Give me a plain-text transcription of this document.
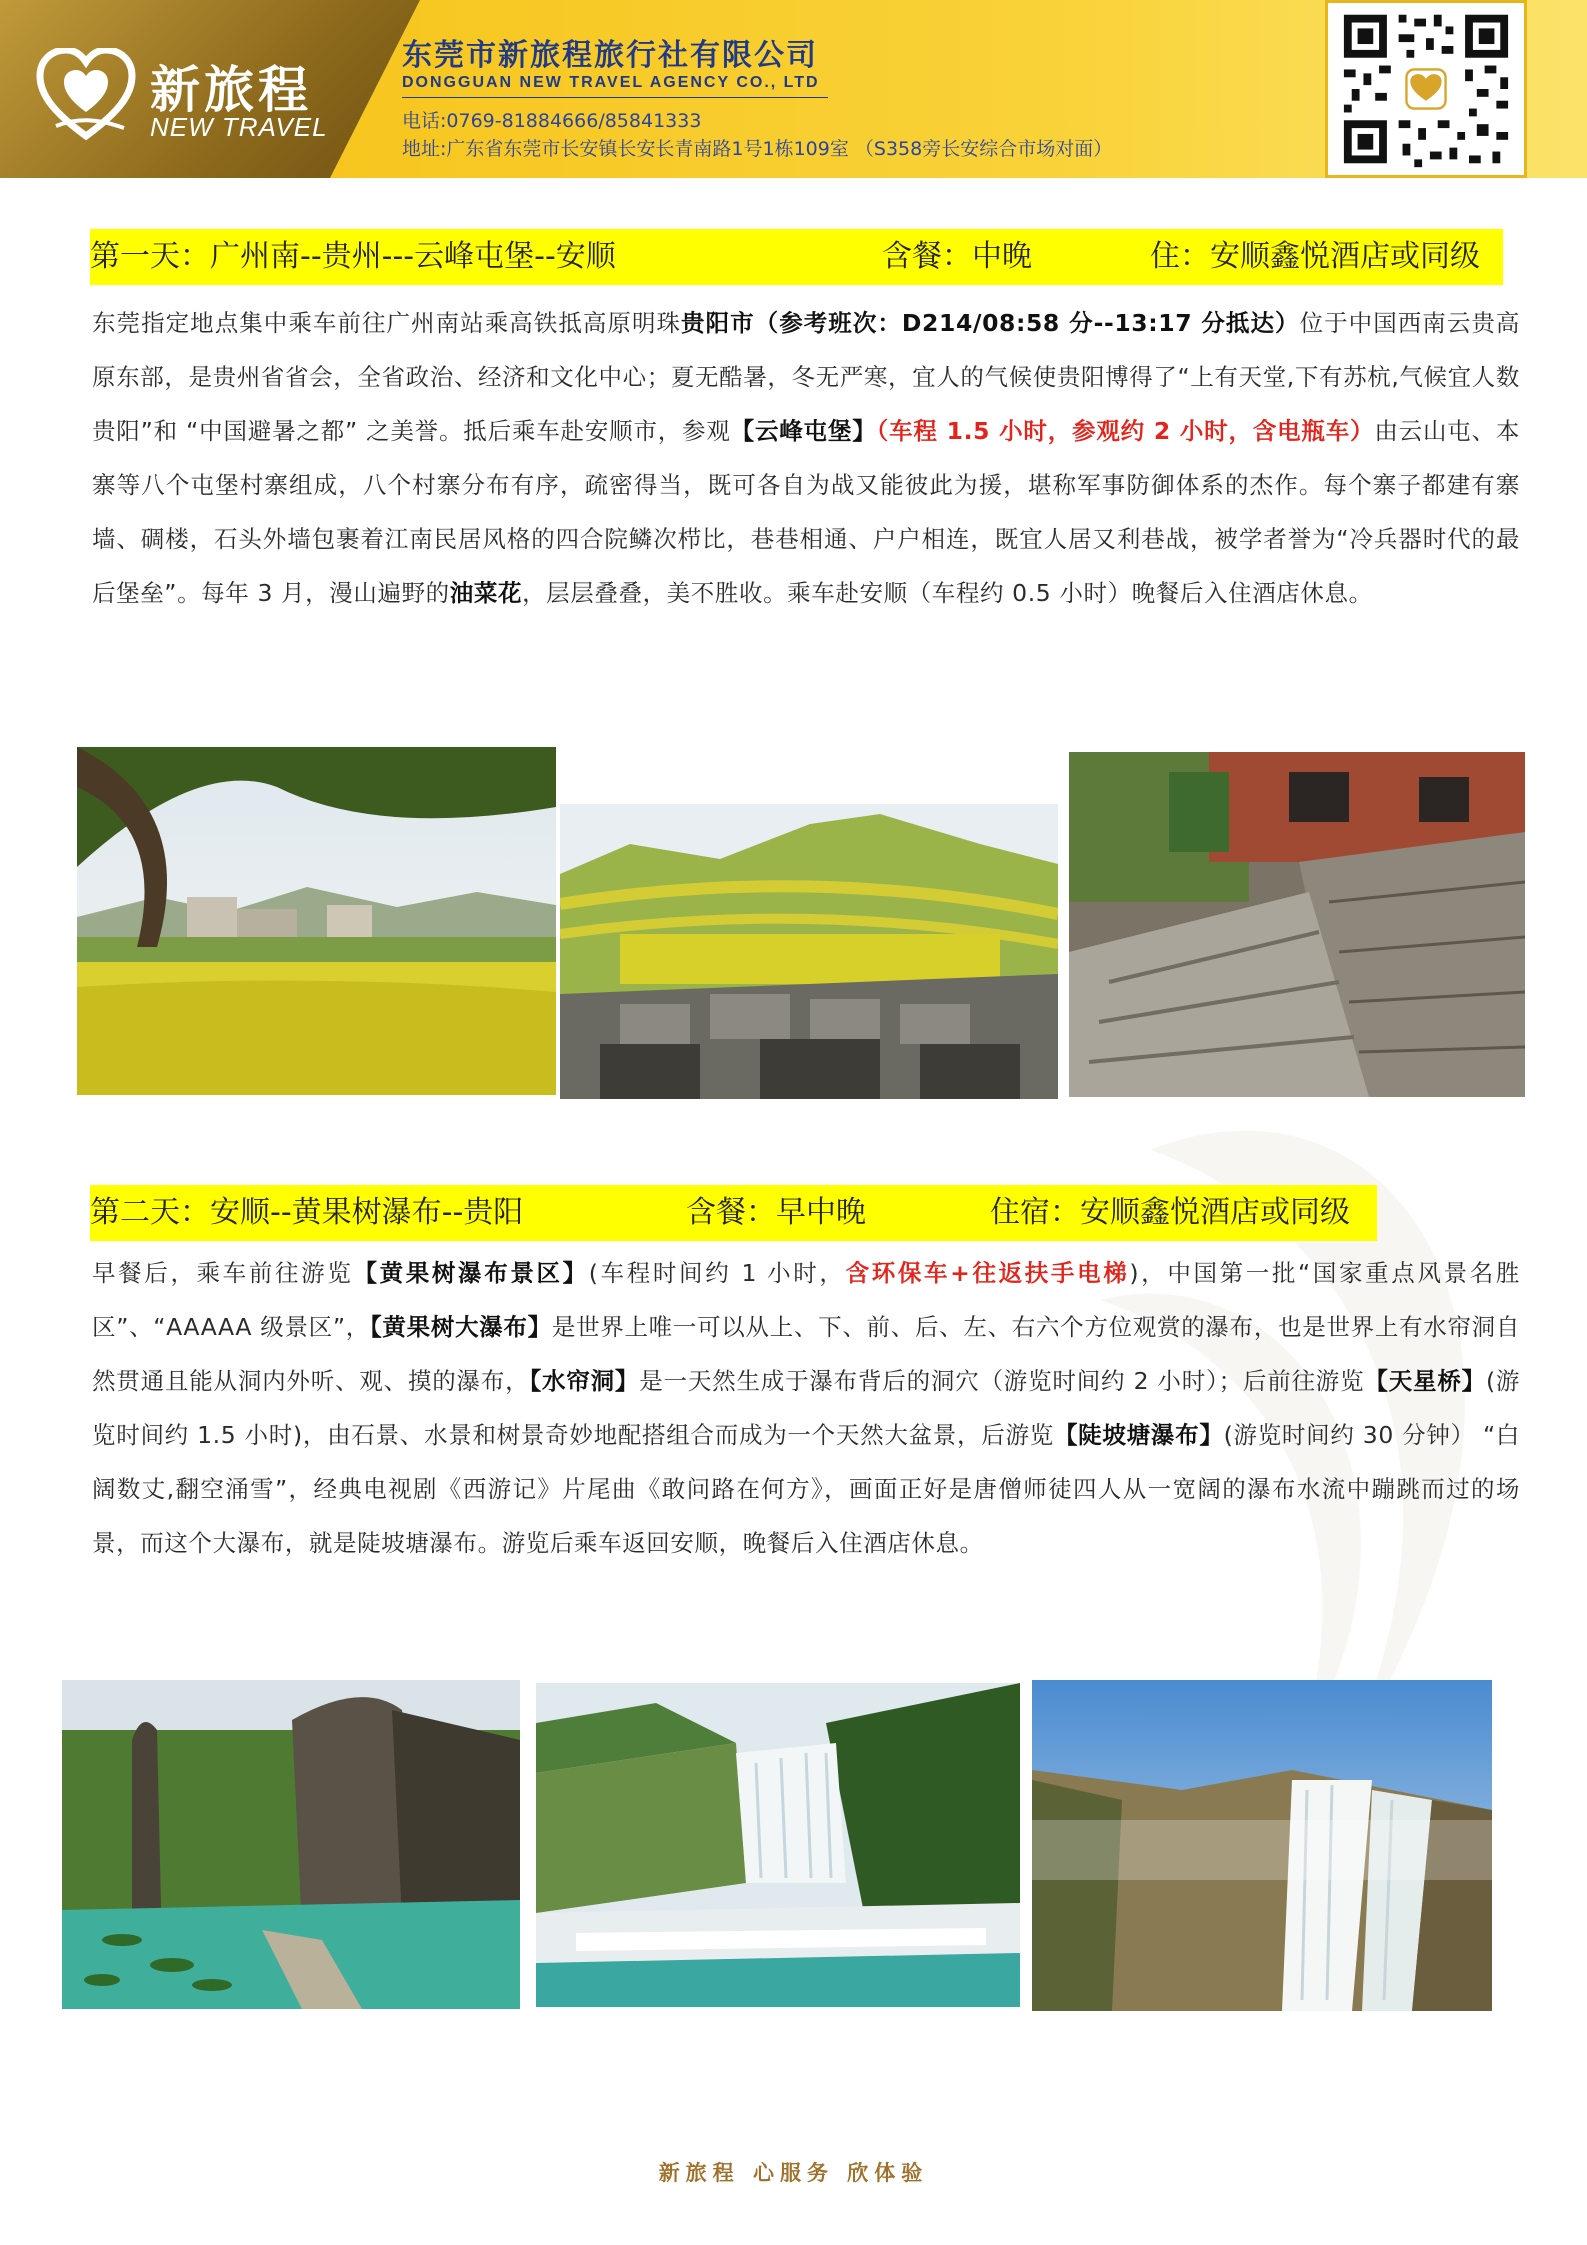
新旅程
NEW TRAVEL
东莞市新旅程旅行社有限公司
DONGGUAN NEW TRAVEL AGENCY CO., LTD
电话:0769-81884666/85841333
地址:广东省东莞市长安镇长安长青南路1号1栋109室 （S358旁长安综合市场对面）
第一天：广州南--贵州---云峰屯堡--安顺	含餐：中晚	住：安顺鑫悦酒店或同级
东莞指定地点集中乘车前往广州南站乘高铁抵高原明珠贵阳市（参考班次：D214/08:58 分--13:17 分抵达）位于中国西南云贵高原东部，是贵州省省会，全省政治、经济和文化中心；夏无酷暑，冬无严寒，宜人的气候使贵阳博得了“上有天堂,下有苏杭,气候宜人数贵阳”和 “中国避暑之都” 之美誉。抵后乘车赴安顺市，参观【云峰屯堡】（车程 1.5 小时，参观约 2 小时，含电瓶车）由云山屯、本寨等八个屯堡村寨组成，八个村寨分布有序，疏密得当，既可各自为战又能彼此为援，堪称军事防御体系的杰作。每个寨子都建有寨墙、碉楼，石头外墙包裹着江南民居风格的四合院鳞次栉比，巷巷相通、户户相连，既宜人居又利巷战，被学者誉为“冷兵器时代的最后堡垒”。每年 3 月，漫山遍野的油菜花，层层叠叠，美不胜收。乘车赴安顺（车程约 0.5 小时）晚餐后入住酒店休息。
第二天：安顺--黄果树瀑布--贵阳	含餐：早中晚	住宿：安顺鑫悦酒店或同级
早餐后，乘车前往游览【黄果树瀑布景区】(车程时间约 1 小时，含环保车+往返扶手电梯)，中国第一批“国家重点风景名胜区”、“AAAAA 级景区”，【黄果树大瀑布】是世界上唯一可以从上、下、前、后、左、右六个方位观赏的瀑布，也是世界上有水帘洞自然贯通且能从洞内外听、观、摸的瀑布，【水帘洞】是一天然生成于瀑布背后的洞穴（游览时间约 2 小时）；后前往游览【天星桥】(游览时间约 1.5 小时)，由石景、水景和树景奇妙地配搭组合而成为一个天然大盆景，后游览【陡坡塘瀑布】(游览时间约 30 分钟） “白阔数丈,翻空涌雪”，经典电视剧《西游记》片尾曲《敢问路在何方》，画面正好是唐僧师徒四人从一宽阔的瀑布水流中蹦跳而过的场景，而这个大瀑布，就是陡坡塘瀑布。游览后乘车返回安顺，晚餐后入住酒店休息。
新旅程 心服务 欣体验
